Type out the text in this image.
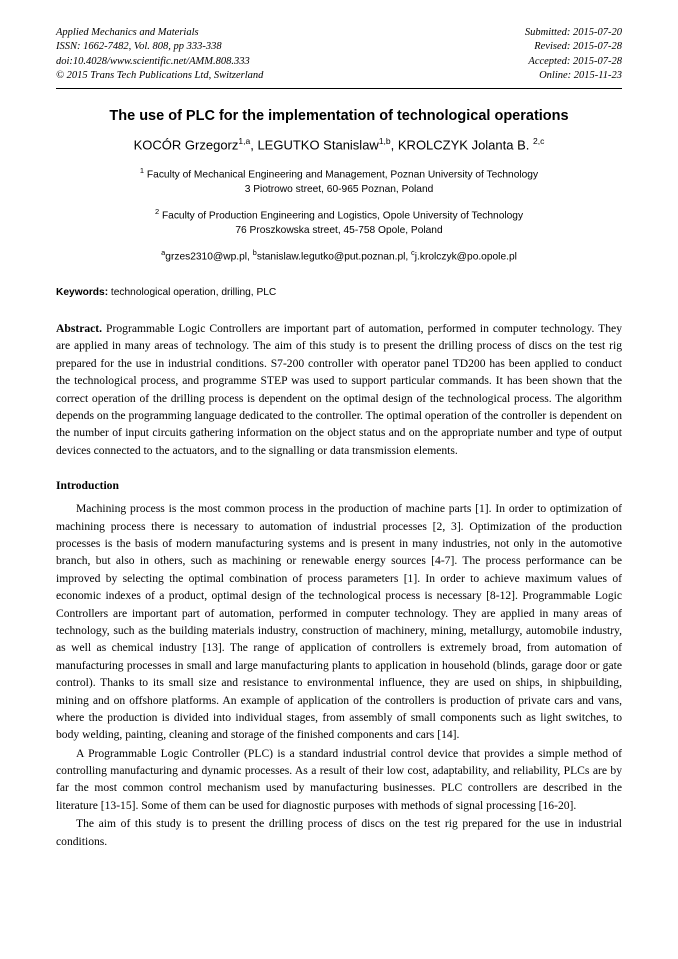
Applied Mechanics and Materials
ISSN: 1662-7482, Vol. 808, pp 333-338
doi:10.4028/www.scientific.net/AMM.808.333
© 2015 Trans Tech Publications Ltd, Switzerland
Submitted: 2015-07-20
Revised: 2015-07-28
Accepted: 2015-07-28
Online: 2015-11-23
The use of PLC for the implementation of technological operations
KOCÓR Grzegorz$^{1,a}$, LEGUTKO Stanislaw$^{1,b}$, KROLCZYK Jolanta B. $^{2,c}$
$^1$ Faculty of Mechanical Engineering and Management, Poznan University of Technology
3 Piotrowo street, 60-965 Poznan, Poland
$^2$ Faculty of Production Engineering and Logistics, Opole University of Technology
76 Proszkowska street, 45-758 Opole, Poland
$^a$grzes2310@wp.pl, $^b$stanislaw.legutko@put.poznan.pl, $^c$j.krolczyk@po.opole.pl
Keywords: technological operation, drilling, PLC
Abstract. Programmable Logic Controllers are important part of automation, performed in computer technology. They are applied in many areas of technology. The aim of this study is to present the drilling process of discs on the test rig prepared for the use in industrial conditions. S7-200 controller with operator panel TD200 has been applied to conduct the technological process, and programme STEP was used to support particular commands. It has been shown that the correct operation of the drilling process is dependent on the optimal design of the technological process. The algorithm depends on the programming language dedicated to the controller. The optimal operation of the controller is dependent on the number of input circuits gathering information on the object status and on the appropriate number and type of output devices connected to the actuators, and to the signalling or data transmission elements.
Introduction

Machining process is the most common process in the production of machine parts [1]. In order to optimization of machining process there is necessary to automation of industrial processes [2, 3]. Optimization of the production processes is the basis of modern manufacturing systems and is present in many industries, not only in the automotive branch, but also in others, such as machining or renewable energy sources [4-7]. The process performance can be improved by selecting the optimal combination of process parameters [1]. In order to achieve maximum values of economic indexes of a product, optimal design of the technological process is necessary [8-12]. Programmable Logic Controllers are important part of automation, performed in computer technology. They are applied in many areas of technology, such as the building materials industry, construction of machinery, mining, metallurgy, automobile industry, as well as chemical industry [13]. The range of application of controllers is extremely broad, from automation of manufacturing processes in small and large manufacturing plants to application in household (blinds, garage door or gate control). Thanks to its small size and resistance to environmental influence, they are used on ships, in shipbuilding, mining and on offshore platforms. An example of application of the controllers is production of private cars and vans, where the production is divided into individual stages, from assembly of small components such as light switches, to body welding, painting, cleaning and storage of the finished components and cars [14].

A Programmable Logic Controller (PLC) is a standard industrial control device that provides a simple method of controlling manufacturing and dynamic processes. As a result of their low cost, adaptability, and reliability, PLCs are by far the most common control mechanism used by manufacturing businesses. PLC controllers are described in the literature [13-15]. Some of them can be used for diagnostic purposes with methods of signal processing [16-20].

The aim of this study is to present the drilling process of discs on the test rig prepared for the use in industrial conditions.
